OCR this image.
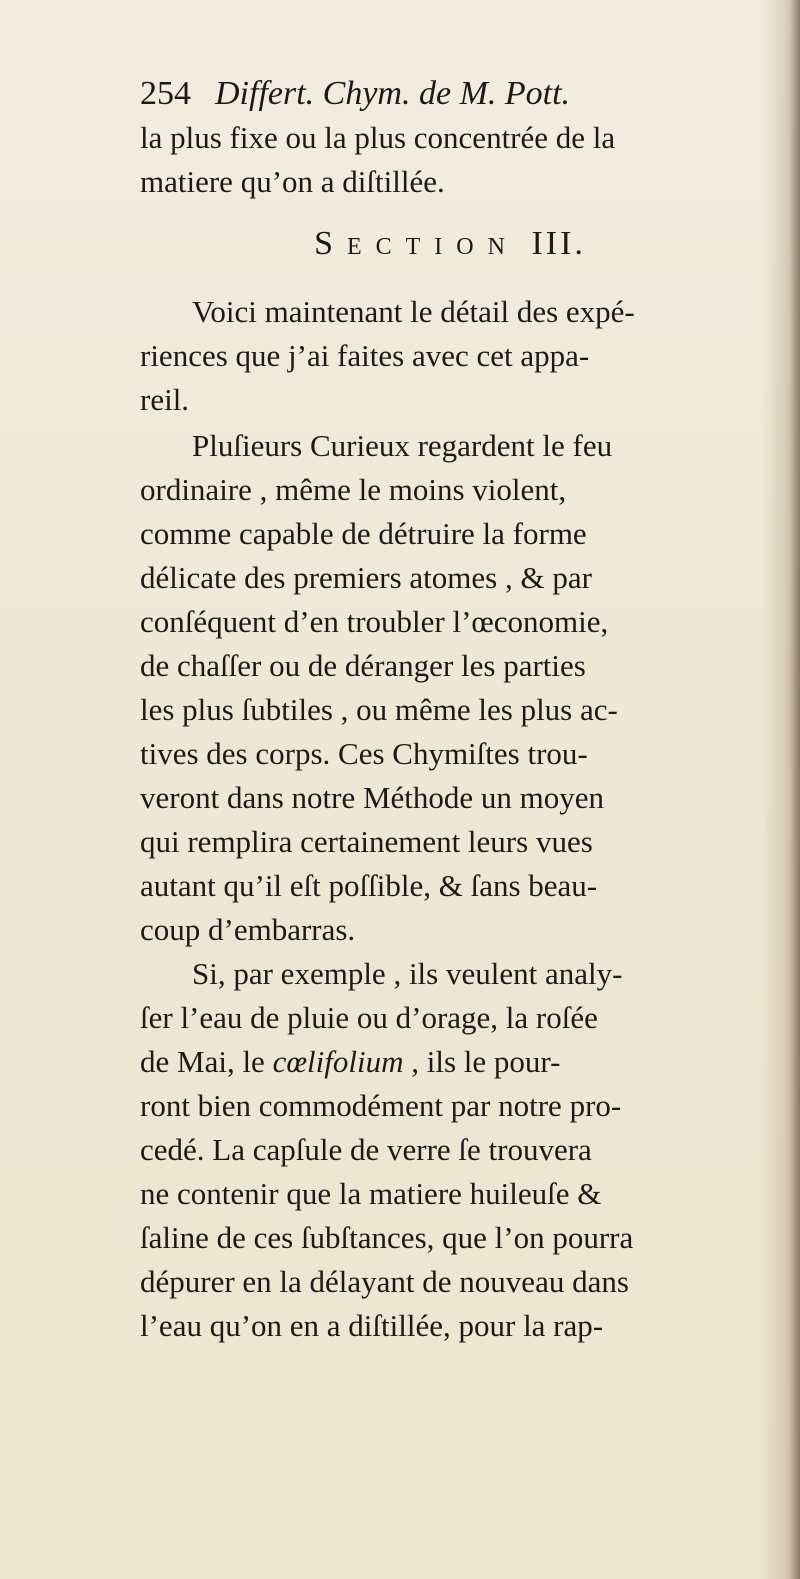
254 Differt. Chym. de M. Pott.
la plus fixe ou la plus concentrée de la
matiere qu’on a diſtillée.
Section III.
Voici maintenant le détail des expé-
riences que j’ai faites avec cet appa-
reil.
Pluſieurs Curieux regardent le feu
ordinaire , même le moins violent,
comme capable de détruire la forme
délicate des premiers atomes , & par
conſéquent d’en troubler l’œconomie,
de chaſſer ou de déranger les parties
les plus ſubtiles , ou même les plus ac-
tives des corps. Ces Chymiſtes trou-
veront dans notre Méthode un moyen
qui remplira certainement leurs vues
autant qu’il eſt poſſible, & ſans beau-
coup d’embarras.
Si, par exemple , ils veulent analy-
ſer l’eau de pluie ou d’orage, la roſée
de Mai, le cœlifolium , ils le pour-
ront bien commodément par notre pro-
cedé. La capſule de verre ſe trouvera
ne contenir que la matiere huileuſe &
ſaline de ces ſubſtances, que l’on pourra
dépurer en la délayant de nouveau dans
l’eau qu’on en a diſtillée, pour la rap-
